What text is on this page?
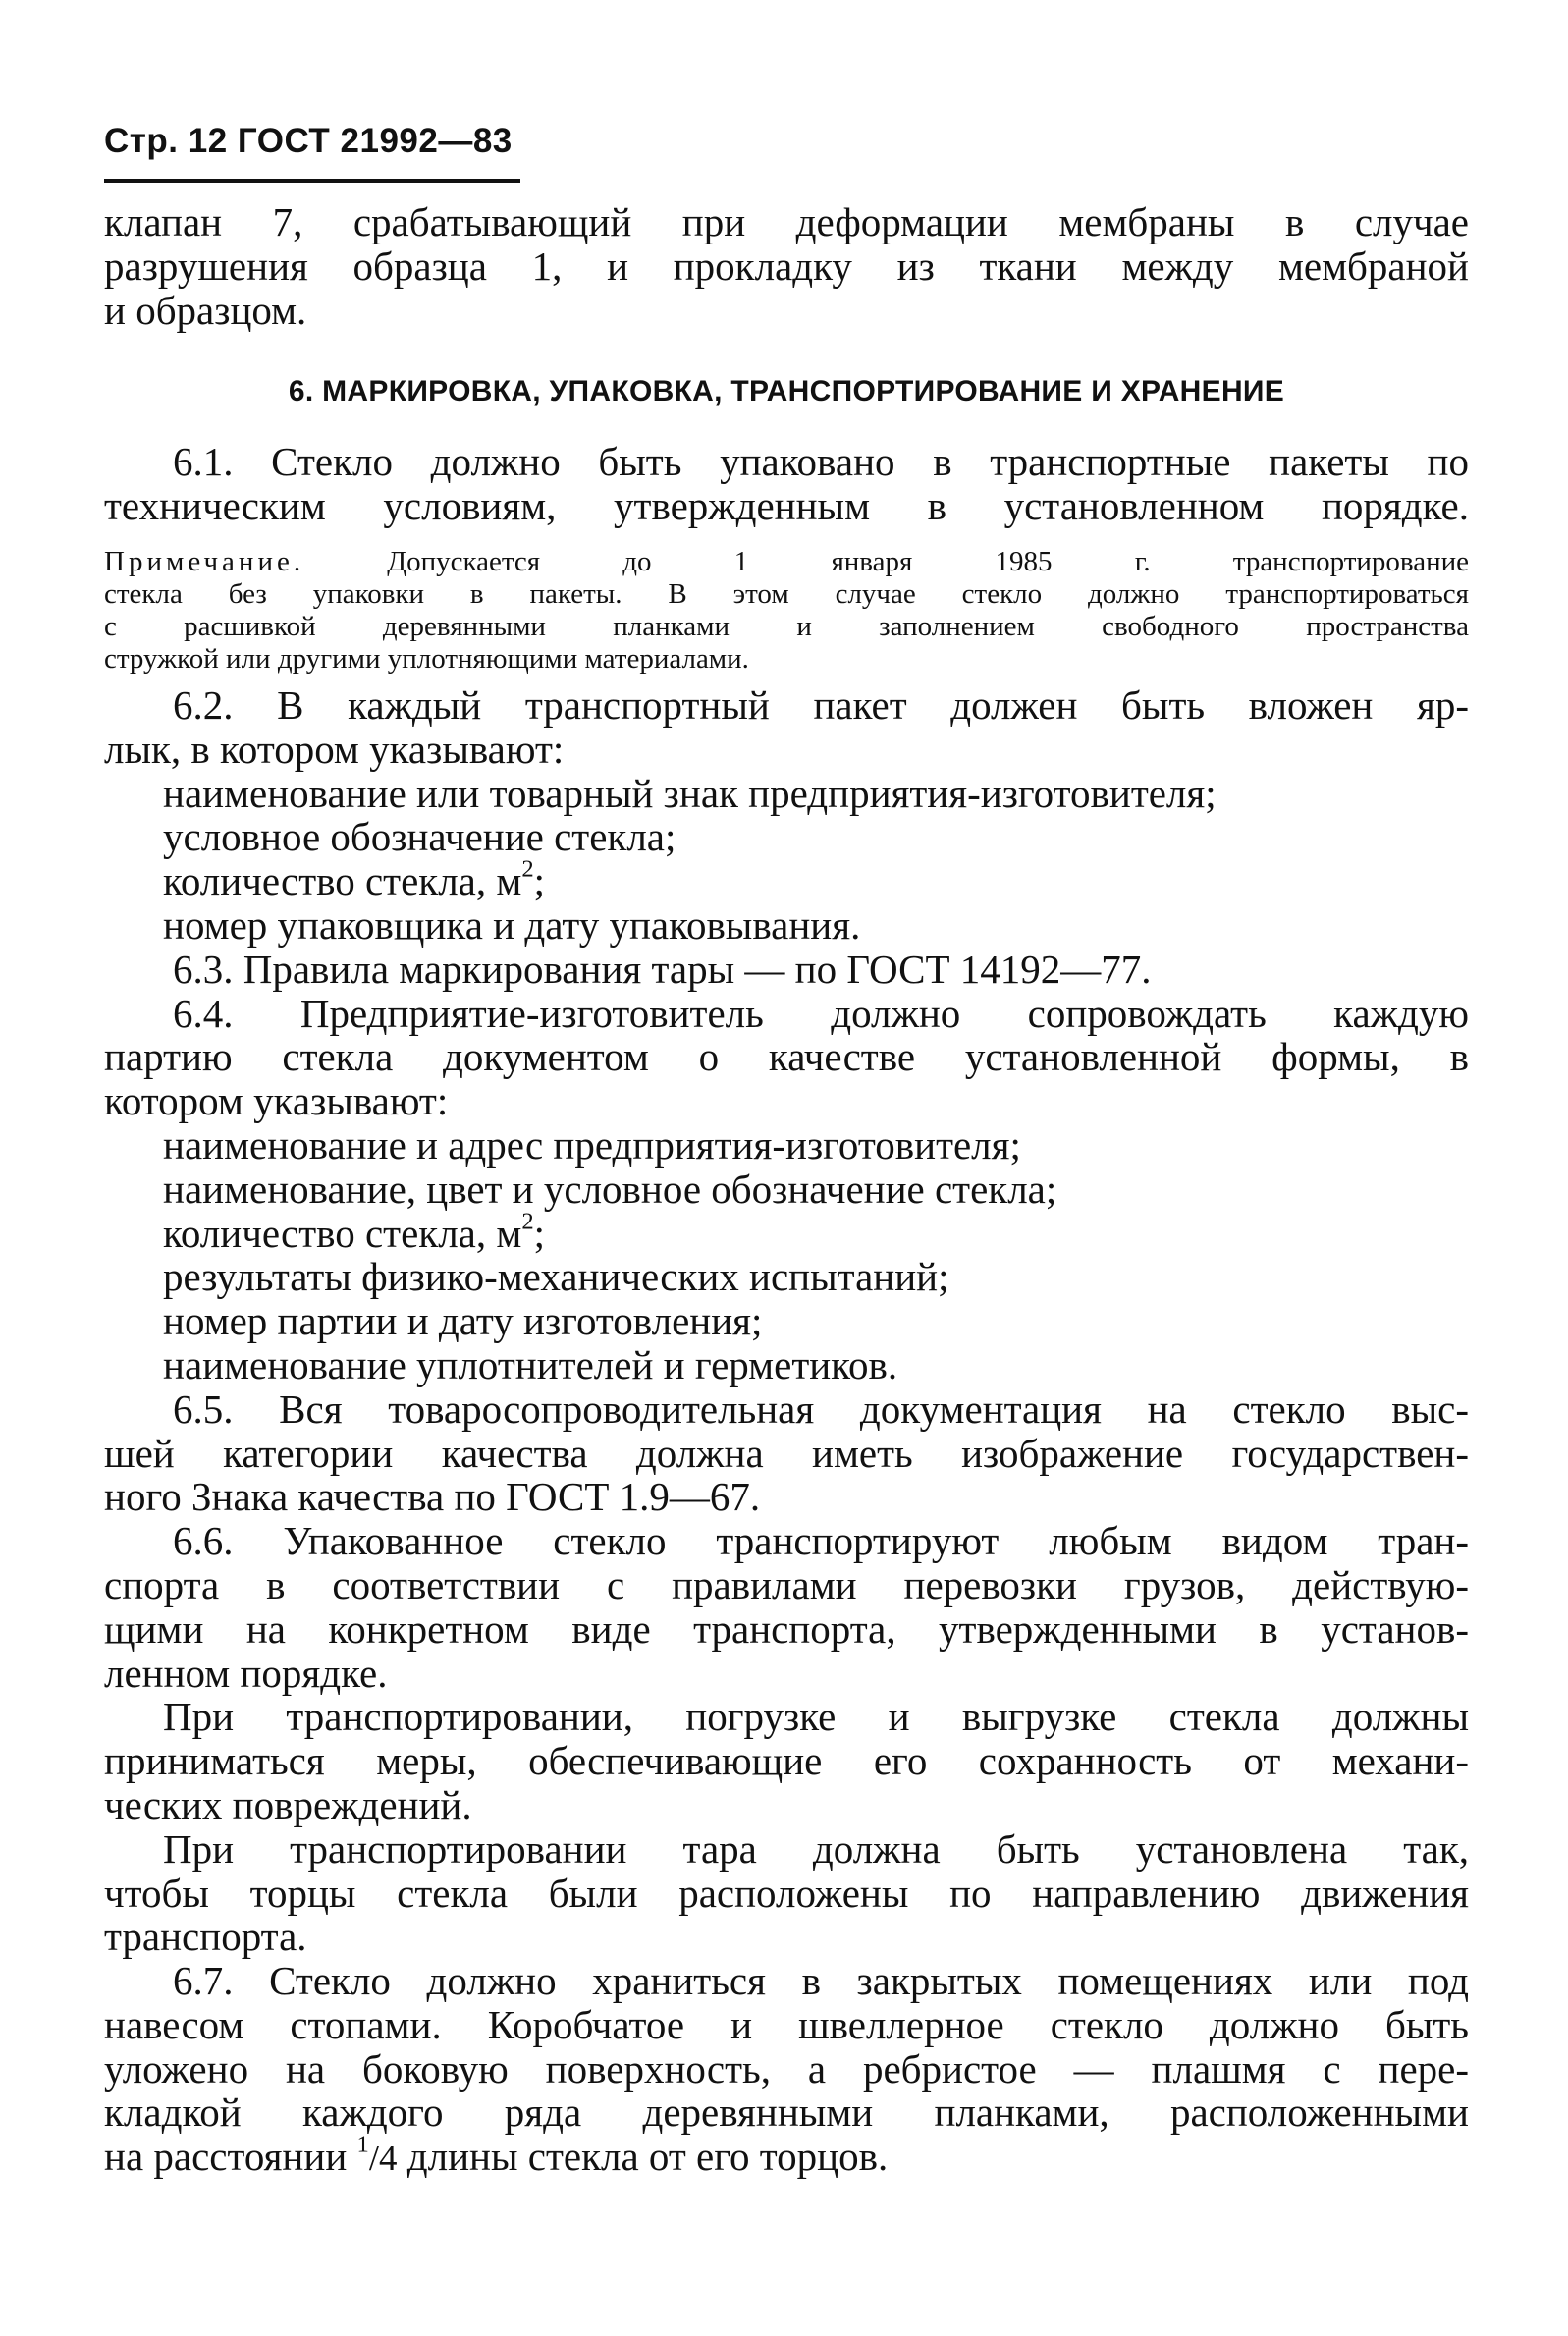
Стр. 12 ГОСТ 21992—83
клапан 7, срабатывающий при деформации мембраны в случае
разрушения образца 1, и прокладку из ткани между мембраной
и образцом.
6. МАРКИРОВКА, УПАКОВКА, ТРАНСПОРТИРОВАНИЕ И ХРАНЕНИЕ
6.1. Стекло должно быть упаковано в транспортные пакеты по
техническим условиям, утвержденным в установленном порядке.
Примечание.	Допускается до 1 января 1985 г. транспортирование
стекла без упаковки в пакеты. В этом случае стекло должно транспортироваться
с расшивкой деревянными планками и заполнением свободного пространства
стружкой или другими уплотняющими материалами.
6.2. В каждый транспортный пакет должен быть вложен яр-
лык, в котором указывают:
наименование или товарный знак предприятия-изготовителя;
условное обозначение стекла;
количество стекла, $м^2$;
номер упаковщика и дату упаковывания.
6.3. Правила маркирования тары — по ГОСТ 14192—77.
6.4. Предприятие-изготовитель должно сопровождать каждую
партию стекла документом о качестве установленной формы, в
котором указывают:
наименование и адрес предприятия-изготовителя;
наименование, цвет и условное обозначение стекла;
количество стекла, $м^2$;
результаты физико-механических испытаний;
номер партии и дату изготовления;
наименование уплотнителей и герметиков.
6.5. Вся товаросопроводительная документация на стекло выс-
шей категории качества должна иметь изображение государствен-
ного Знака качества по ГОСТ 1.9—67.
6.6. Упакованное стекло транспортируют любым видом тран-
спорта в соответствии с правилами перевозки грузов, действую-
щими на конкретном виде транспорта, утвержденными в установ-
ленном порядке.
При транспортировании, погрузке и выгрузке стекла должны
приниматься меры, обеспечивающие его сохранность от механи-
ческих повреждений.
При транспортировании тара должна быть установлена так,
чтобы торцы стекла были расположены по направлению движения
транспорта.
6.7. Стекло должно храниться в закрытых помещениях или под
навесом стопами. Коробчатое и швеллерное стекло должно быть
уложено на боковую поверхность, а ребристое — плашмя с пере-
кладкой каждого ряда деревянными планками, расположенными
на расстоянии $^1$/4 длины стекла от его торцов.
